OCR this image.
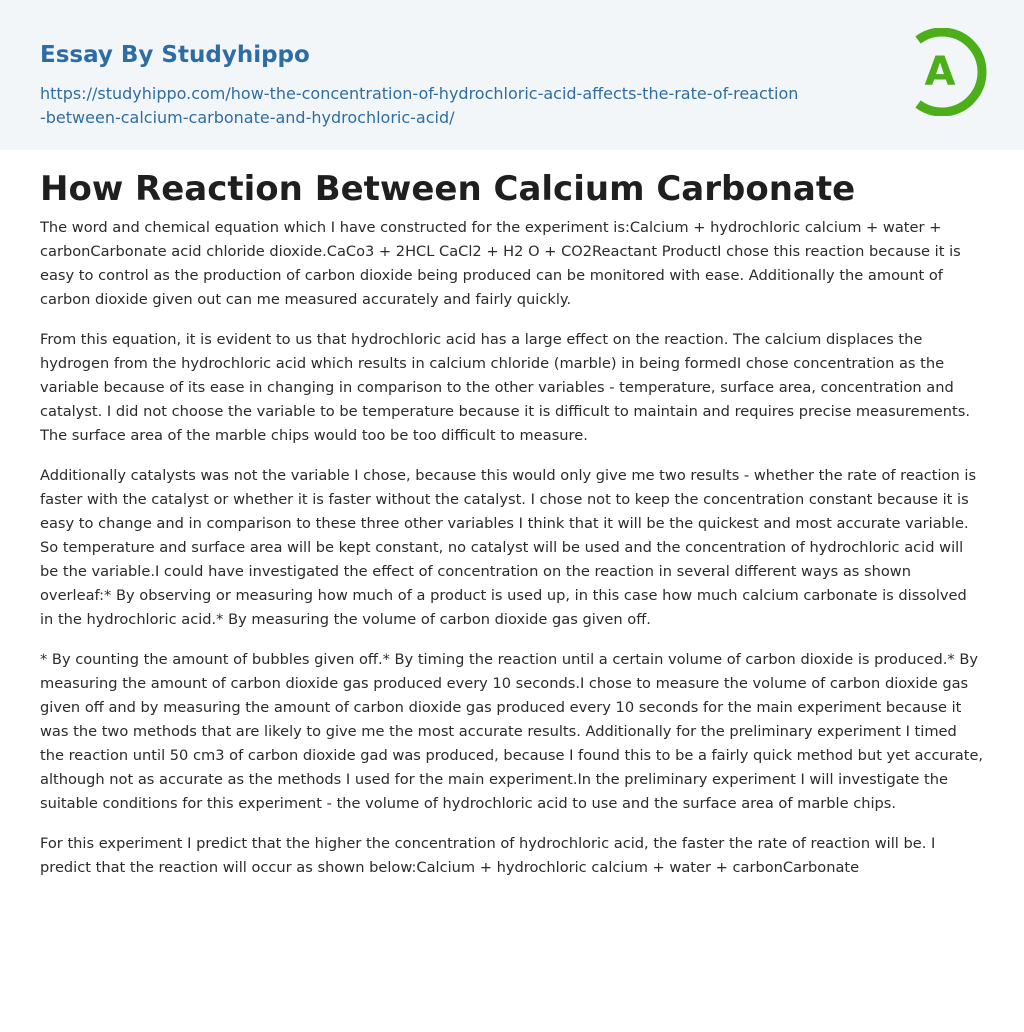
Essay By Studyhippo
https://studyhippo.com/how-the-concentration-of-hydrochloric-acid-affects-the-rate-of-reaction-between-calcium-carbonate-and-hydrochloric-acid/
A
How Reaction Between Calcium Carbonate

The word and chemical equation which I have constructed for the experiment is:Calcium + hydrochloric calcium + water + carbonCarbonate acid chloride dioxide.CaCo3 + 2HCL CaCl2 + H2 O + CO2Reactant ProductI chose this reaction because it is easy to control as the production of carbon dioxide being produced can be monitored with ease. Additionally the amount of carbon dioxide given out can me measured accurately and fairly quickly.

From this equation, it is evident to us that hydrochloric acid has a large effect on the reaction. The calcium displaces the hydrogen from the hydrochloric acid which results in calcium chloride (marble) in being formedI chose concentration as the variable because of its ease in changing in comparison to the other variables - temperature, surface area, concentration and catalyst. I did not choose the variable to be temperature because it is difficult to maintain and requires precise measurements. The surface area of the marble chips would too be too difficult to measure.

Additionally catalysts was not the variable I chose, because this would only give me two results - whether the rate of reaction is faster with the catalyst or whether it is faster without the catalyst. I chose not to keep the concentration constant because it is easy to change and in comparison to these three other variables I think that it will be the quickest and most accurate variable. So temperature and surface area will be kept constant, no catalyst will be used and the concentration of hydrochloric acid will be the variable.I could have investigated the effect of concentration on the reaction in several different ways as shown overleaf:* By observing or measuring how much of a product is used up, in this case how much calcium carbonate is dissolved in the hydrochloric acid.* By measuring the volume of carbon dioxide gas given off.

* By counting the amount of bubbles given off.* By timing the reaction until a certain volume of carbon dioxide is produced.* By measuring the amount of carbon dioxide gas produced every 10 seconds.I chose to measure the volume of carbon dioxide gas given off and by measuring the amount of carbon dioxide gas produced every 10 seconds for the main experiment because it was the two methods that are likely to give me the most accurate results. Additionally for the preliminary experiment I timed the reaction until 50 cm3 of carbon dioxide gad was produced, because I found this to be a fairly quick method but yet accurate, although not as accurate as the methods I used for the main experiment.In the preliminary experiment I will investigate the suitable conditions for this experiment - the volume of hydrochloric acid to use and the surface area of marble chips.

For this experiment I predict that the higher the concentration of hydrochloric acid, the faster the rate of reaction will be. I predict that the reaction will occur as shown below:Calcium + hydrochloric calcium + water + carbonCarbonate
